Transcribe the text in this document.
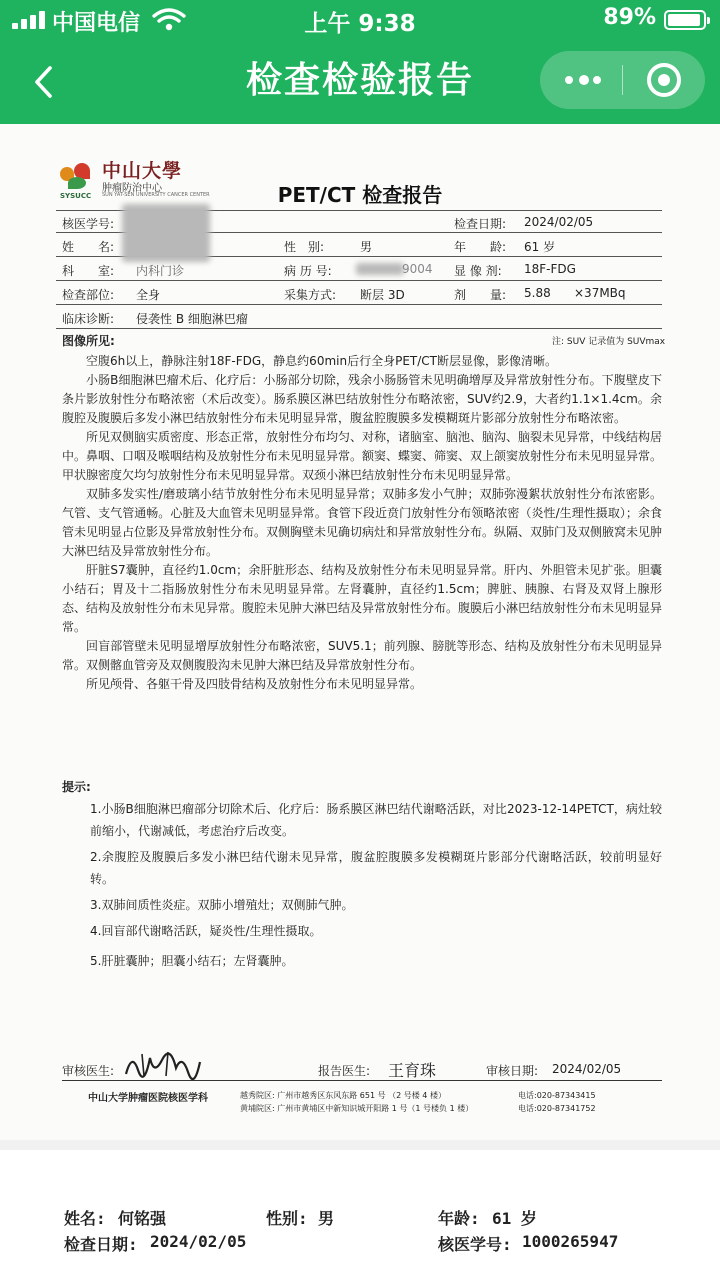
中国电信	上午 9:38	89%
检查检验报告
中山大學
肿瘤防治中心
SYSUCC SUN YAT-SEN UNIVERSITY CANCER CENTER	PET/CT 检查报告
核医学号:	检查日期: 2024/02/05
姓　　名:	性　别:	男	年　　龄: 61 岁
科　　室: 内科门诊	病 历 号:	9004 显 像 剂: 18F-FDG
检查部位: 全身	采集方式: 断层 3D	剂　　量: 5.88 ×37MBq
临床诊断: 侵袭性 B 细胞淋巴瘤
图像所见:	注: SUV 记录值为 SUVmax

空腹6h以上，静脉注射18F-FDG，静息约60min后行全身PET/CT断层显像，影像清晰。

小肠B细胞淋巴瘤术后、化疗后：小肠部分切除，残余小肠肠管未见明确增厚及异常放射性分布。下腹壁皮下条片影放射性分布略浓密（术后改变）。肠系膜区淋巴结放射性分布略浓密，SUV约2.9，大者约1.1×1.4cm。余腹腔及腹膜后多发小淋巴结放射性分布未见明显异常，腹盆腔腹膜多发模糊斑片影部分放射性分布略浓密。

所见双侧脑实质密度、形态正常，放射性分布均匀、对称，诸脑室、脑池、脑沟、脑裂未见异常，中线结构居中。鼻咽、口咽及喉咽结构及放射性分布未见明显异常。额窦、蝶窦、筛窦、双上颌窦放射性分布未见明显异常。甲状腺密度欠均匀放射性分布未见明显异常。双颈小淋巴结放射性分布未见明显异常。

双肺多发实性/磨玻璃小结节放射性分布未见明显异常；双肺多发小气肿；双肺弥漫絮状放射性分布浓密影。气管、支气管通畅。心脏及大血管未见明显异常。食管下段近贲门放射性分布领略浓密（炎性/生理性摄取）；余食管未见明显占位影及异常放射性分布。双侧胸壁未见确切病灶和异常放射性分布。纵隔、双肺门及双侧腋窝未见肿大淋巴结及异常放射性分布。

肝脏S7囊肿，直径约1.0cm；余肝脏形态、结构及放射性分布未见明显异常。肝内、外胆管未见扩张。胆囊小结石；胃及十二指肠放射性分布未见明显异常。左肾囊肿，直径约1.5cm；脾脏、胰腺、右肾及双肾上腺形态、结构及放射性分布未见异常。腹腔未见肿大淋巴结及异常放射性分布。腹膜后小淋巴结放射性分布未见明显异常。

回盲部管壁未见明显增厚放射性分布略浓密，SUV5.1；前列腺、膀胱等形态、结构及放射性分布未见明显异常。双侧髂血管旁及双侧腹股沟未见肿大淋巴结及异常放射性分布。

所见颅骨、各躯干骨及四肢骨结构及放射性分布未见明显异常。

提示:
1.小肠B细胞淋巴瘤部分切除术后、化疗后：肠系膜区淋巴结代谢略活跃，对比2023-12-14PETCT，病灶较前缩小，代谢减低，考虑治疗后改变。
2.余腹腔及腹膜后多发小淋巴结代谢未见异常，腹盆腔腹膜多发模糊斑片影部分代谢略活跃，较前明显好转。
3.双肺间质性炎症。双肺小增殖灶；双侧肺气肿。
4.回盲部代谢略活跃，疑炎性/生理性摄取。
5.肝脏囊肿；胆囊小结石；左肾囊肿。
审核医生:	报告医生: 王育珠	审核日期: 2024/02/05
中山大学肿瘤医院核医学科	越秀院区: 广州市越秀区东风东路 651 号 （2 号楼 4 楼）
黄埔院区: 广州市黄埔区中新知识城开阳路 1 号（1 号楼负 1 楼）
电话:020-87343415
电话:020-87341752
姓名: 何铭强	性别: 男	年龄: 61 岁
检查日期: 2024/02/05	核医学号: 1000265947
